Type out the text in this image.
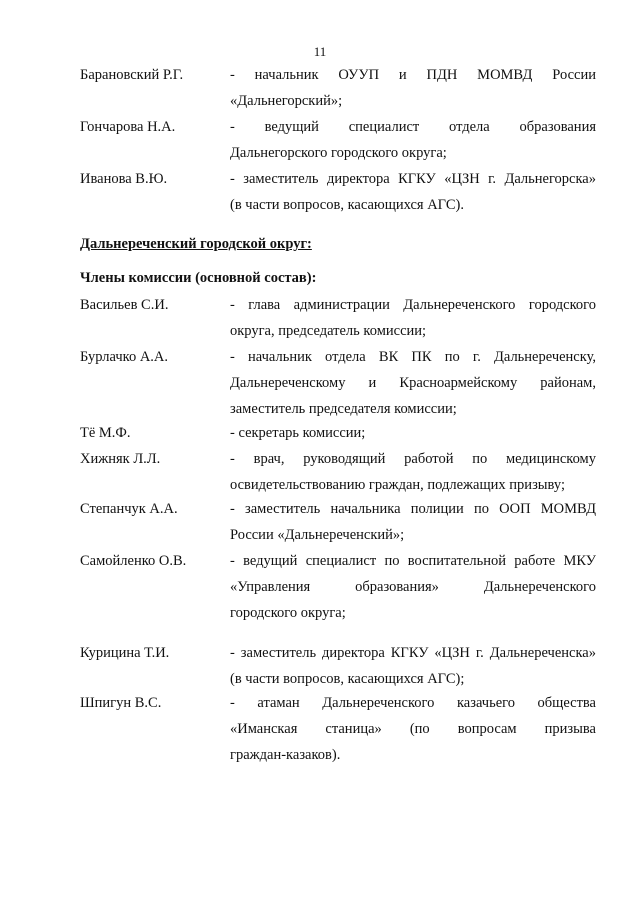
11
Барановский Р.Г.	- начальник ОУУП и ПДН МОМВД России
«Дальнегорский»;
Гончарова Н.А.	- ведущий специалист отдела образования
Дальнегорского городского округа;
Иванова В.Ю.	- заместитель директора КГКУ «ЦЗН г. Дальнегорска»
(в части вопросов, касающихся АГС).
Дальнереченский городской округ:
Члены комиссии (основной состав):
Васильев С.И.	- глава администрации Дальнереченского городского
округа, председатель комиссии;
Бурлачко А.А.	- начальник отдела ВК ПК по г. Дальнереченску,
Дальнереченскому и Красноармейскому районам,
заместитель председателя комиссии;
Тё М.Ф.	- секретарь комиссии;
Хижняк Л.Л.	- врач, руководящий работой по медицинскому
освидетельствованию граждан, подлежащих призыву;
Степанчук А.А.	- заместитель начальника полиции по ООП МОМВД
России «Дальнереченский»;
Самойленко О.В.	- ведущий специалист по воспитательной работе МКУ
«Управления образования» Дальнереченского
городского округа;
Курицина Т.И.	- заместитель директора КГКУ «ЦЗН г. Дальнереченска»
(в части вопросов, касающихся АГС);
Шпигун В.С.	- атаман Дальнереченского казачьего общества
«Иманская станица» (по вопросам призыва
граждан-казаков).
